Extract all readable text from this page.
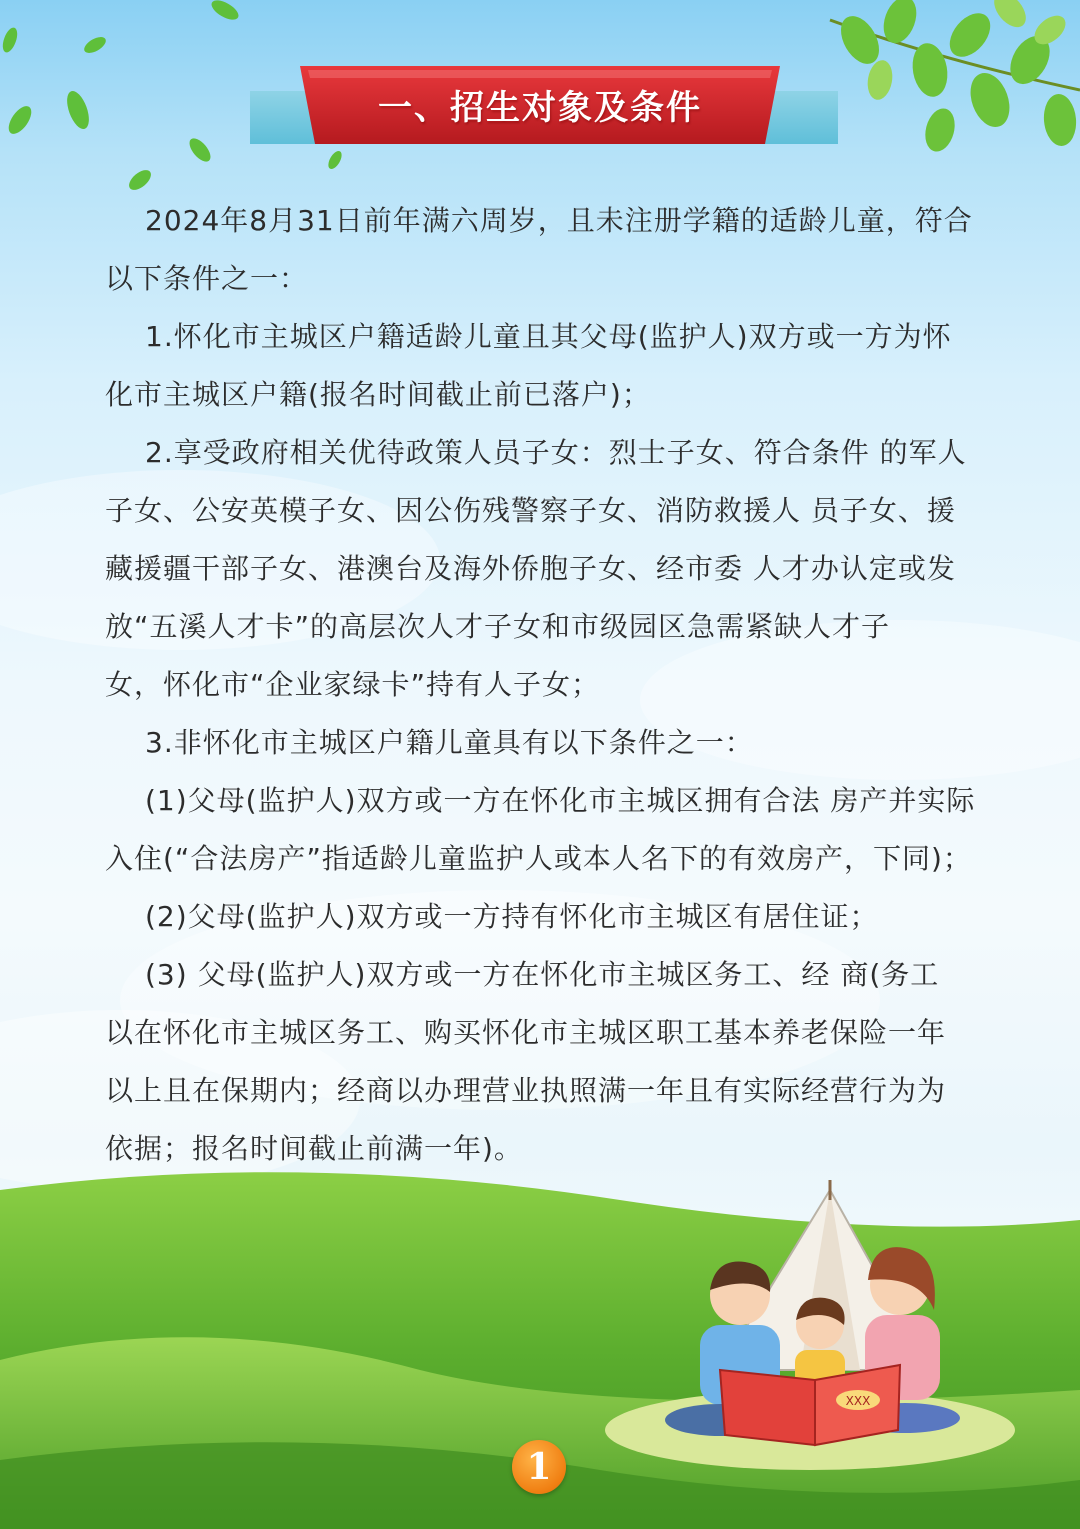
一、招生对象及条件

2024年8月31日前年满六周岁，且未注册学籍的适龄儿童，符合

以下条件之一：

1.怀化市主城区户籍适龄儿童且其父母(监护人)双方或一方为怀

化市主城区户籍(报名时间截止前已落户)；

2.享受政府相关优待政策人员子女：烈士子女、符合条件 的军人

子女、公安英模子女、因公伤残警察子女、消防救援人 员子女、援

藏援疆干部子女、港澳台及海外侨胞子女、经市委 人才办认定或发

放“五溪人才卡”的高层次人才子女和市级园区急需紧缺人才子

女，怀化市“企业家绿卡”持有人子女；

3.非怀化市主城区户籍儿童具有以下条件之一：

(1)父母(监护人)双方或一方在怀化市主城区拥有合法 房产并实际

入住(“合法房产”指适龄儿童监护人或本人名下的有效房产，下同)；

(2)父母(监护人)双方或一方持有怀化市主城区有居住证；

(3) 父母(监护人)双方或一方在怀化市主城区务工、经 商(务工

以在怀化市主城区务工、购买怀化市主城区职工基本养老保险一年

以上且在保期内；经商以办理营业执照满一年且有实际经营行为为

依据；报名时间截止前满一年)。

XXX
1
